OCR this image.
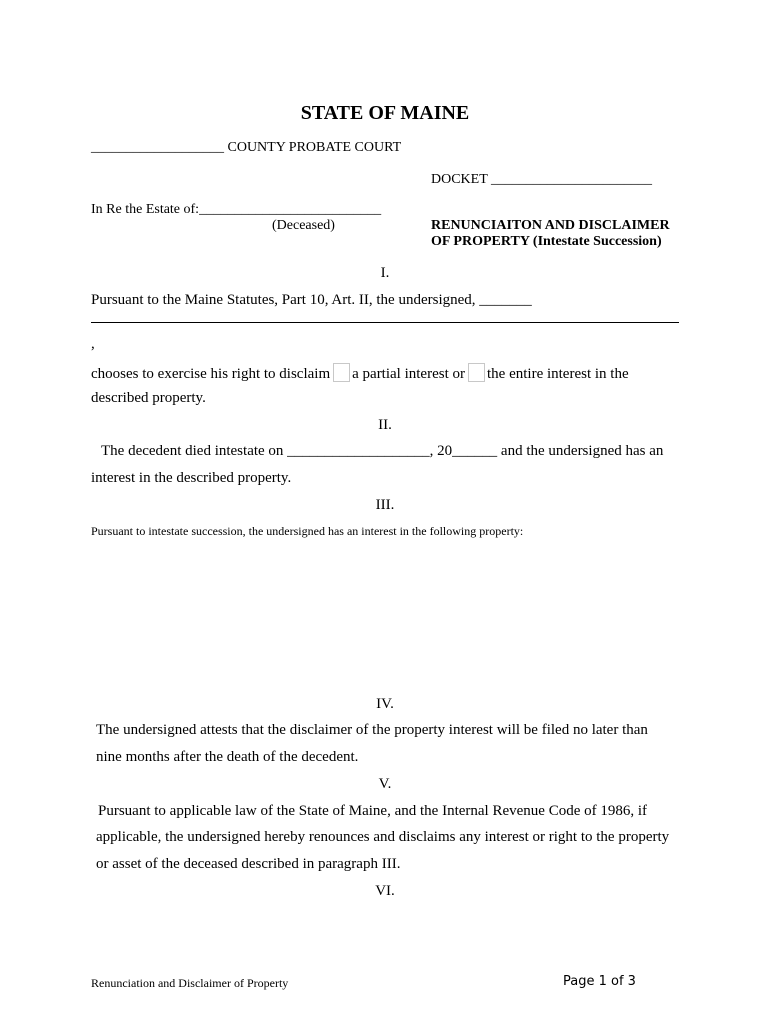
STATE OF MAINE
___________________ COUNTY PROBATE COURT
DOCKET _______________________
In Re the Estate of:__________________________
(Deceased)	RENUNCIAITON AND DISCLAIMER
OF PROPERTY (Intestate Succession)
I.
Pursuant to the Maine Statutes, Part 10, Art. II, the undersigned, _______
,
chooses to exercise his right to disclaim a partial interest or the entire interest in the
described property.
II.
The decedent died intestate on ___________________, 20______ and the undersigned has an
interest in the described property.
III.
Pursuant to intestate succession, the undersigned has an interest in the following property:
IV.
The undersigned attests that the disclaimer of the property interest will be filed no later than
nine months after the death of the decedent.
V.
Pursuant to applicable law of the State of Maine, and the Internal Revenue Code of 1986, if
applicable, the undersigned hereby renounces and disclaims any interest or right to the property
or asset of the deceased described in paragraph III.
VI.
Renunciation and Disclaimer of Property	Page 1 of 3
